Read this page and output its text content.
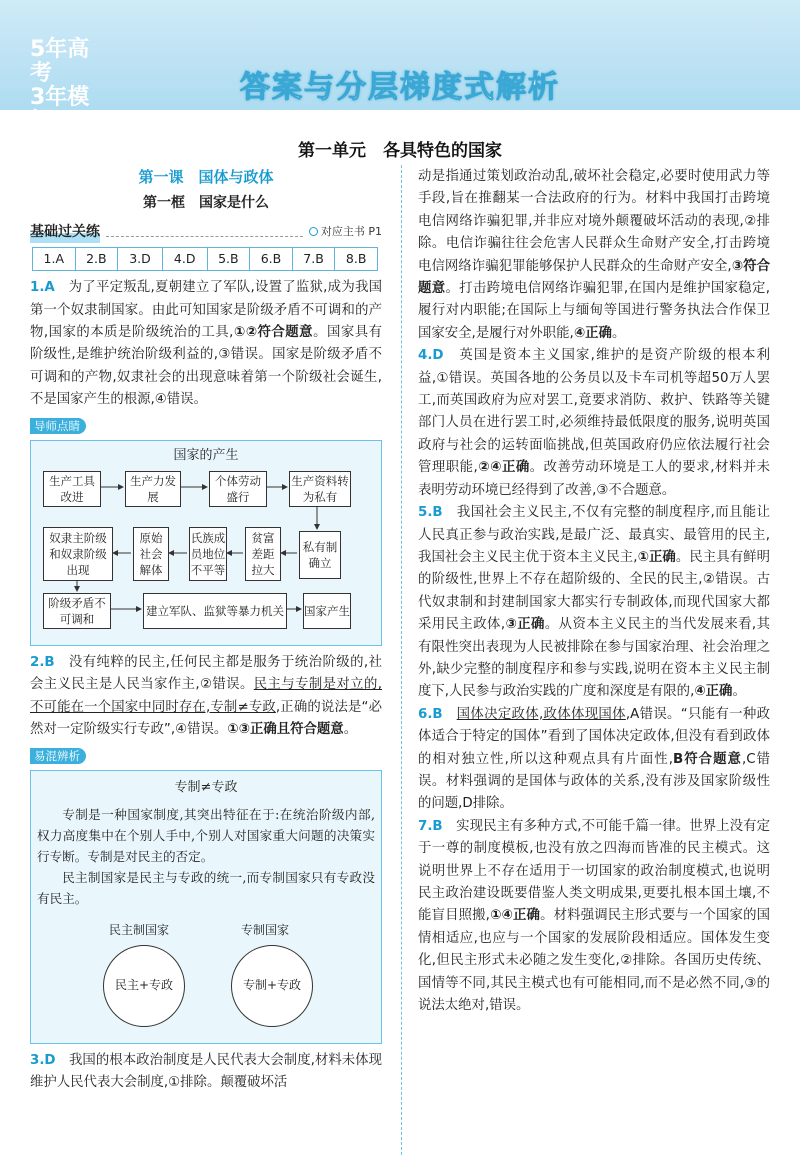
5年高考
3年模拟
答案与分层梯度式解析
第一单元　各具特色的国家
第一课　国体与政体
第一框　国家是什么
基础过关练	对应主书 P1
1.A	2.B	3.D	4.D	5.B	6.B	7.B	8.B

1.A　 为了平定叛乱,夏朝建立了军队,设置了监狱,成为我国第一个奴隶制国家。由此可知国家是阶级矛盾不可调和的产物,国家的本质是阶级统治的工具,①②符合题意。国家具有阶级性,是维护统治阶级利益的,③错误。国家是阶级矛盾不可调和的产物,奴隶社会的出现意味着第一个阶级社会诞生,不是国家产生的根源,④错误。

导师点睛
国家的产生
生产工具改进
生产力发展
个体劳动盛行
生产资料转为私有
私有制确立
贫富差距拉大
氏族成员地位不平等
原始社会解体
奴隶主阶级和奴隶阶级出现
阶级矛盾不可调和
建立军队、监狱等暴力机关 国家产生

2.B　 没有纯粹的民主,任何民主都是服务于统治阶级的,社会主义民主是人民当家作主,②错误。民主与专制是对立的,不可能在一个国家中同时存在,专制≠专政,正确的说法是“必然对一定阶级实行专政”,④错误。①③正确且符合题意。

易混辨析
专制≠专政

专制是一种国家制度,其突出特征在于:在统治阶级内部,权力高度集中在个别人手中,个别人对国家重大问题的决策实行专断。专制是对民主的否定。

民主制国家是民主与专政的统一,而专制国家只有专政没有民主。

民主制国家	专制国家
民主+专政	专制+专政

3.D　 我国的根本政治制度是人民代表大会制度,材料未体现维护人民代表大会制度,①排除。颠覆破坏活

动是指通过策划政治动乱,破坏社会稳定,必要时使用武力等手段,旨在推翻某一合法政府的行为。材料中我国打击跨境电信网络诈骗犯罪,并非应对境外颠覆破坏活动的表现,②排除。电信诈骗往往会危害人民群众生命财产安全,打击跨境电信网络诈骗犯罪能够保护人民群众的生命财产安全,③符合题意。打击跨境电信网络诈骗犯罪,在国内是维护国家稳定,履行对内职能;在国际上与缅甸等国进行警务执法合作保卫国家安全,是履行对外职能,④正确。

4.D　 英国是资本主义国家,维护的是资产阶级的根本利益,①错误。英国各地的公务员以及卡车司机等超50万人罢工,而英国政府为应对罢工,竟要求消防、救护、铁路等关键部门人员在进行罢工时,必须维持最低限度的服务,说明英国政府与社会的运转面临挑战,但英国政府仍应依法履行社会管理职能,②④正确。改善劳动环境是工人的要求,材料并未表明劳动环境已经得到了改善,③不合题意。

5.B　 我国社会主义民主,不仅有完整的制度程序,而且能让人民真正参与政治实践,是最广泛、最真实、最管用的民主,我国社会主义民主优于资本主义民主,①正确。民主具有鲜明的阶级性,世界上不存在超阶级的、全民的民主,②错误。古代奴隶制和封建制国家大都实行专制政体,而现代国家大都采用民主政体,③正确。从资本主义民主的当代发展来看,其有限性突出表现为人民被排除在参与国家治理、社会治理之外,缺少完整的制度程序和参与实践,说明在资本主义民主制度下,人民参与政治实践的广度和深度是有限的,④正确。

6.B　 国体决定政体,政体体现国体,A错误。“只能有一种政体适合于特定的国体”看到了国体决定政体,但没有看到政体的相对独立性,所以这种观点具有片面性,B符合题意,C错误。材料强调的是国体与政体的关系,没有涉及国家阶级性的问题,D排除。

7.B　 实现民主有多种方式,不可能千篇一律。世界上没有定于一尊的制度模板,也没有放之四海而皆准的民主模式。这说明世界上不存在适用于一切国家的政治制度模式,也说明民主政治建设既要借鉴人类文明成果,更要扎根本国土壤,不能盲目照搬,①④正确。材料强调民主形式要与一个国家的国情相适应,也应与一个国家的发展阶段相适应。国体发生变化,但民主形式未必随之发生变化,②排除。各国历史传统、国情等不同,其民主模式也有可能相同,而不是必然不同,③的说法太绝对,错误。
